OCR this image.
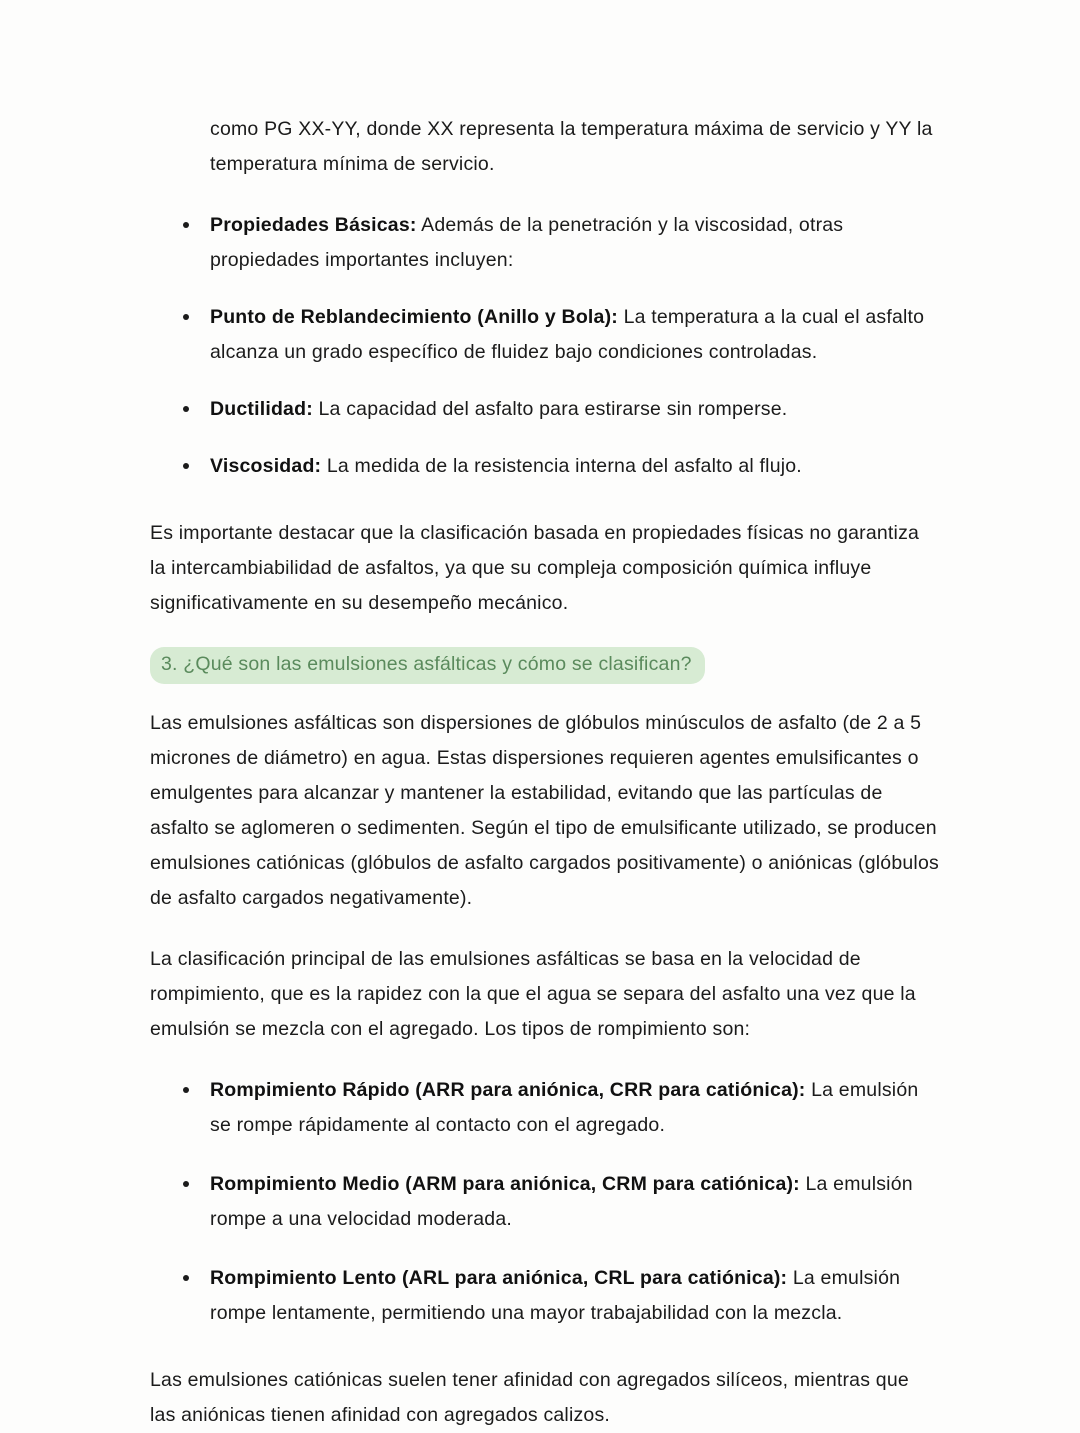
como PG XX-YY, donde XX representa la temperatura máxima de servicio y YY la temperatura mínima de servicio.

Propiedades Básicas: Además de la penetración y la viscosidad, otras propiedades importantes incluyen:
Punto de Reblandecimiento (Anillo y Bola): La temperatura a la cual el asfalto alcanza un grado específico de fluidez bajo condiciones controladas.
Ductilidad: La capacidad del asfalto para estirarse sin romperse.
Viscosidad: La medida de la resistencia interna del asfalto al flujo.

Es importante destacar que la clasificación basada en propiedades físicas no garantiza la intercambiabilidad de asfaltos, ya que su compleja composición química influye significativamente en su desempeño mecánico.

3. ¿Qué son las emulsiones asfálticas y cómo se clasifican?

Las emulsiones asfálticas son dispersiones de glóbulos minúsculos de asfalto (de 2 a 5 micrones de diámetro) en agua. Estas dispersiones requieren agentes emulsificantes o emulgentes para alcanzar y mantener la estabilidad, evitando que las partículas de asfalto se aglomeren o sedimenten. Según el tipo de emulsificante utilizado, se producen emulsiones catiónicas (glóbulos de asfalto cargados positivamente) o aniónicas (glóbulos de asfalto cargados negativamente).

La clasificación principal de las emulsiones asfálticas se basa en la velocidad de rompimiento, que es la rapidez con la que el agua se separa del asfalto una vez que la emulsión se mezcla con el agregado. Los tipos de rompimiento son:

Rompimiento Rápido (ARR para aniónica, CRR para catiónica): La emulsión se rompe rápidamente al contacto con el agregado.
Rompimiento Medio (ARM para aniónica, CRM para catiónica): La emulsión rompe a una velocidad moderada.
Rompimiento Lento (ARL para aniónica, CRL para catiónica): La emulsión rompe lentamente, permitiendo una mayor trabajabilidad con la mezcla.

Las emulsiones catiónicas suelen tener afinidad con agregados silíceos, mientras que las aniónicas tienen afinidad con agregados calizos.
